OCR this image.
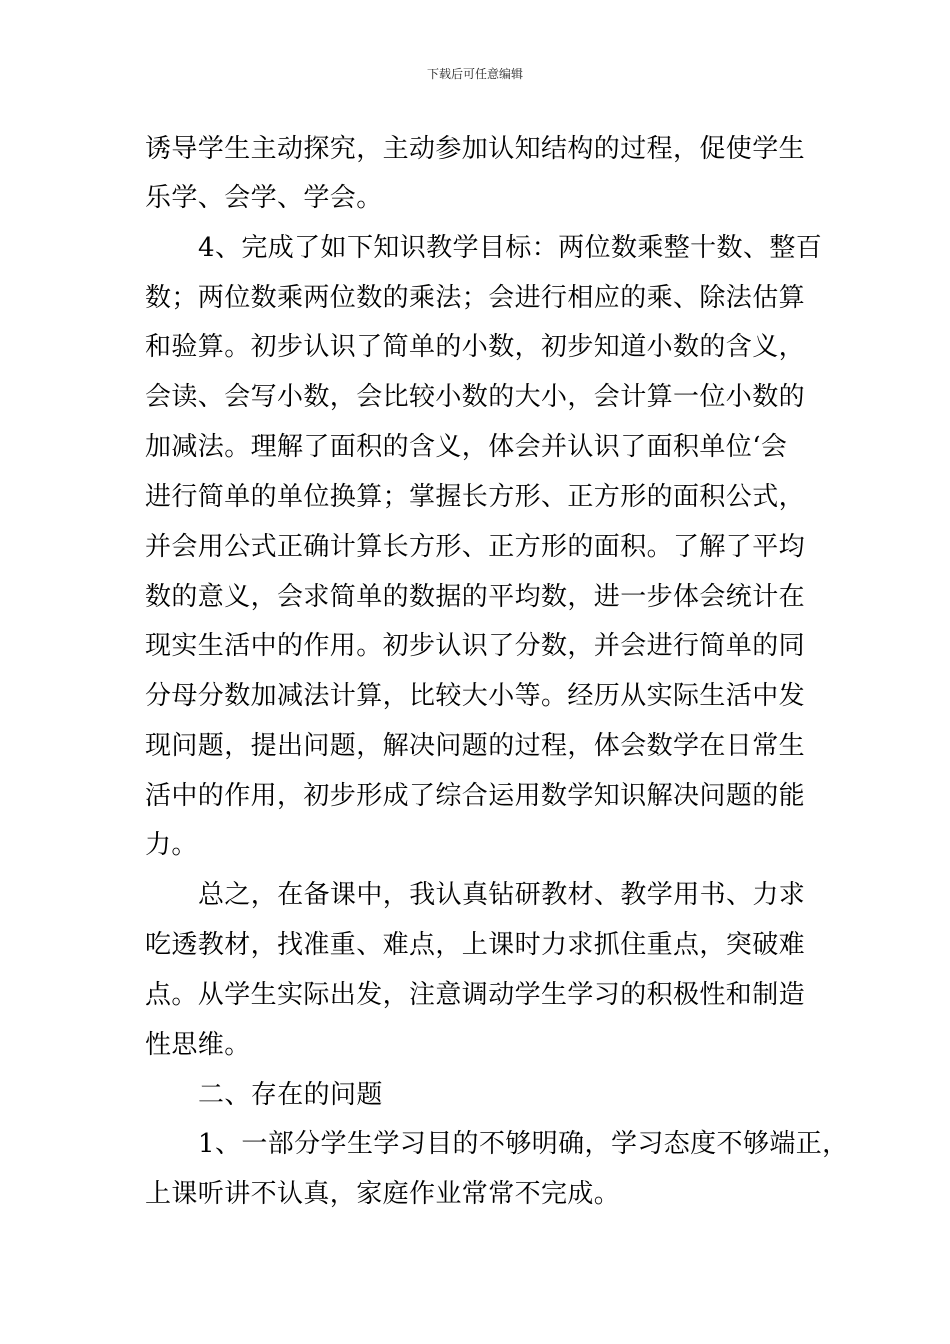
下载后可任意编辑
诱导学生主动探究，主动参加认知结构的过程，促使学生
乐学、会学、学会。
4、完成了如下知识教学目标：两位数乘整十数、整百
数；两位数乘两位数的乘法；会进行相应的乘、除法估算
和验算。初步认识了简单的小数，初步知道小数的含义，
会读、会写小数，会比较小数的大小，会计算一位小数的
加减法。理解了面积的含义，体会并认识了面积单位‘会
进行简单的单位换算；掌握长方形、正方形的面积公式，
并会用公式正确计算长方形、正方形的面积。了解了平均
数的意义，会求简单的数据的平均数，进一步体会统计在
现实生活中的作用。初步认识了分数，并会进行简单的同
分母分数加减法计算，比较大小等。经历从实际生活中发
现问题，提出问题，解决问题的过程，体会数学在日常生
活中的作用，初步形成了综合运用数学知识解决问题的能
力。
总之，在备课中，我认真钻研教材、教学用书、力求
吃透教材，找准重、难点，上课时力求抓住重点，突破难
点。从学生实际出发，注意调动学生学习的积极性和制造
性思维。
二、存在的问题
1、一部分学生学习目的不够明确，学习态度不够端正，
上课听讲不认真，家庭作业常常不完成。
